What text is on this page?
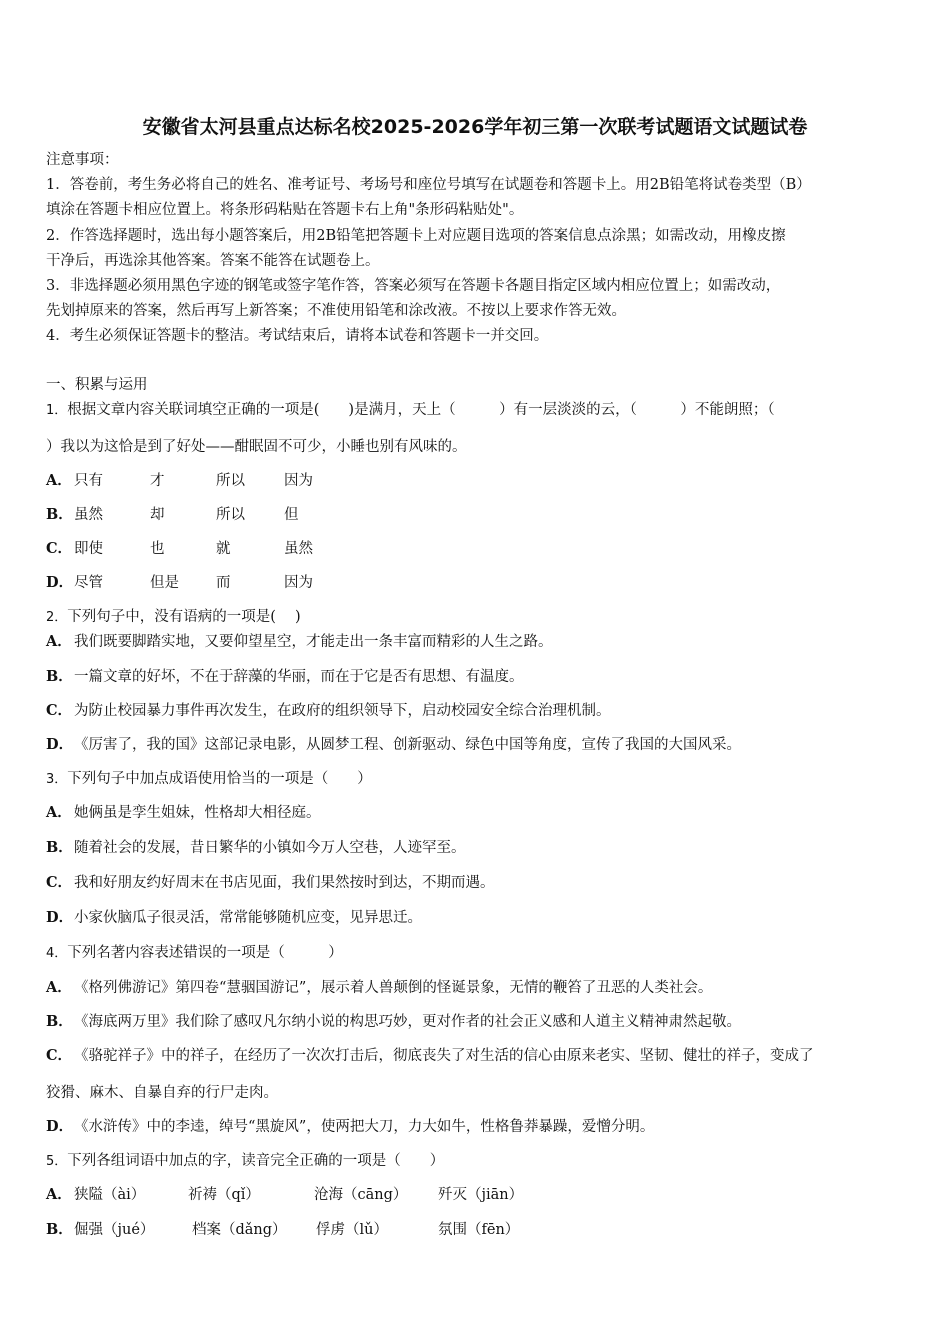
安徽省太河县重点达标名校2025-2026学年初三第一次联考试题语文试题试卷
注意事项：
1．答卷前，考生务必将自己的姓名、准考证号、考场号和座位号填写在试题卷和答题卡上。用2B铅笔将试卷类型（B）
填涂在答题卡相应位置上。将条形码粘贴在答题卡右上角"条形码粘贴处"。
2．作答选择题时，选出每小题答案后，用2B铅笔把答题卡上对应题目选项的答案信息点涂黑；如需改动，用橡皮擦
干净后，再选涂其他答案。答案不能答在试题卷上。
3．非选择题必须用黑色字迹的钢笔或签字笔作答，答案必须写在答题卡各题目指定区域内相应位置上；如需改动，
先划掉原来的答案，然后再写上新答案；不准使用铅笔和涂改液。不按以上要求作答无效。
4．考生必须保证答题卡的整洁。考试结束后，请将本试卷和答题卡一并交回。
一、积累与运用
1．根据文章内容关联词填空正确的一项是(　　)是满月，天上（　　　）有一层淡淡的云，（　　　）不能朗照；（
）我以为这恰是到了好处——酣眠固不可少，小睡也别有风味的。
A． 只有	才	所以	因为
B． 虽然	却	所以	但
C． 即使	也	就	虽然
D． 尽管	但是	而	因为
2．下列句子中，没有语病的一项是(　 )
A． 我们既要脚踏实地，又要仰望星空，才能走出一条丰富而精彩的人生之路。
B．一篇文章的好坏，不在于辞藻的华丽，而在于它是否有思想、有温度。
C． 为防止校园暴力事件再次发生，在政府的组织领导下，启动校园安全综合治理机制。
D．《厉害了，我的国》这部记录电影，从圆梦工程、创新驱动、绿色中国等角度，宣传了我国的大国风采。
3．下列句子中加点成语使用恰当的一项是（　　）
A． 她俩虽是孪生姐妹，性格却大相径庭。
B．随着社会的发展，昔日繁华的小镇如今万人空巷，人迹罕至。
C． 我和好朋友约好周末在书店见面，我们果然按时到达，不期而遇。
D．小家伙脑瓜子很灵活，常常能够随机应变，见异思迁。
4．下列名著内容表述错误的一项是（　　　）
A． 《格列佛游记》第四卷“慧骃国游记”，展示着人兽颠倒的怪诞景象，无情的鞭笞了丑恶的人类社会。
B．《海底两万里》我们除了感叹凡尔纳小说的构思巧妙，更对作者的社会正义感和人道主义精神肃然起敬。
C． 《骆驼祥子》中的祥子，在经历了一次次打击后，彻底丧失了对生活的信心由原来老实、坚韧、健壮的祥子，变成了
狡猾、麻木、自暴自弃的行尸走肉。
D．《水浒传》中的李逵，绰号“黑旋风”，使两把大刀，力大如牛，性格鲁莽暴躁，爱憎分明。
5．下列各组词语中加点的字，读音完全正确的一项是（　　）
A． 狭隘（ài）	祈祷（qǐ）	沧海（cāng） 歼灭（jiān）
B． 倔强（jué）	档案（dǎng） 俘虏（lǔ）	氛围（fēn）
